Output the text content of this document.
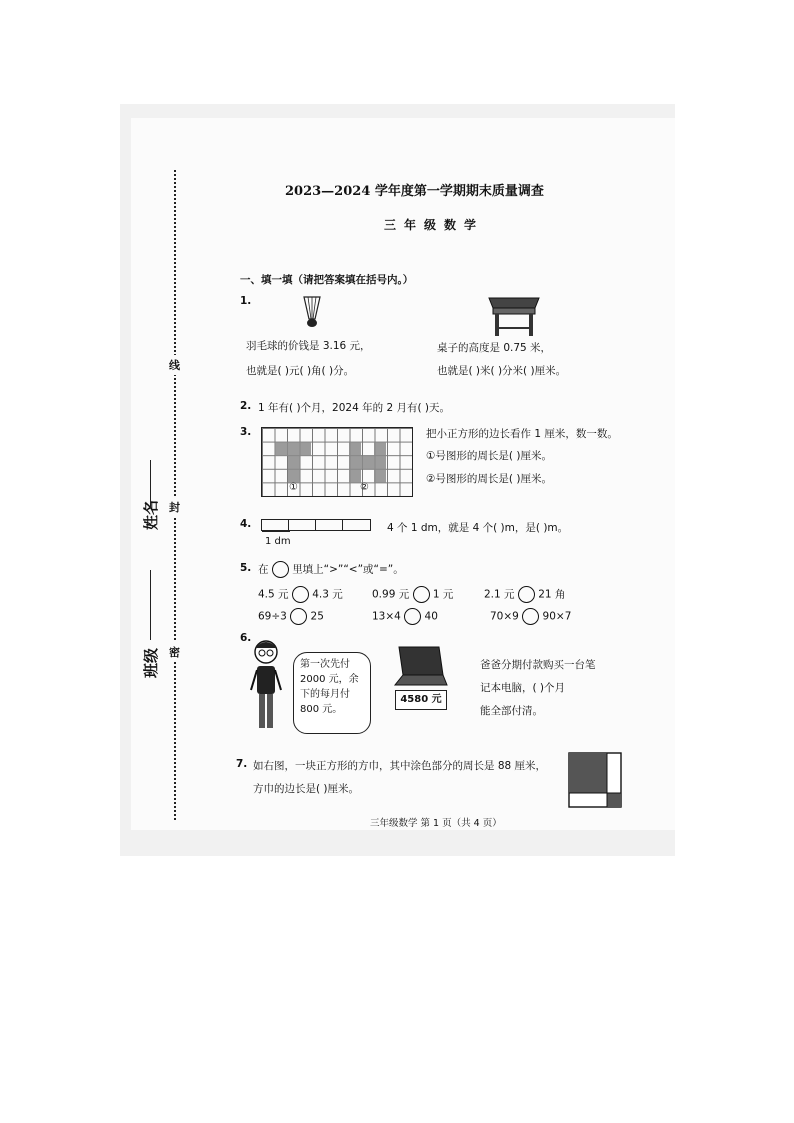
线
封
密
姓名
班级
2023—2024 学年度第一学期期末质量调查
三年级数学
一、填一填（请把答案填在括号内。）
1.
羽毛球的价钱是 3.16 元，
也就是( )元( )角( )分。
桌子的高度是 0.75 米，
也就是( )米( )分米( )厘米。
2. 1 年有( )个月，2024 年的 2 月有( )天。
3.
①	②
把小正方形的边长看作 1 厘米，数一数。
①号图形的周长是( )厘米。
②号图形的周长是( )厘米。
4.
1 dm
4 个 1 dm，就是 4 个( )m，是( )m。
5. 在 里填上“>”“<”或“=”。
4.5 元 4.3 元	0.99 元 1 元	2.1 元 21 角
69÷3 25	13×4 40	70×9 90×7
6.
第一次先付
2000 元，余
下的每月付
800 元。
4580 元
爸爸分期付款购买一台笔
记本电脑，( )个月
能全部付清。
7. 如右图，一块正方形的方巾，其中涂色部分的周长是 88 厘米，
方巾的边长是( )厘米。
三年级数学 第 1 页（共 4 页）
